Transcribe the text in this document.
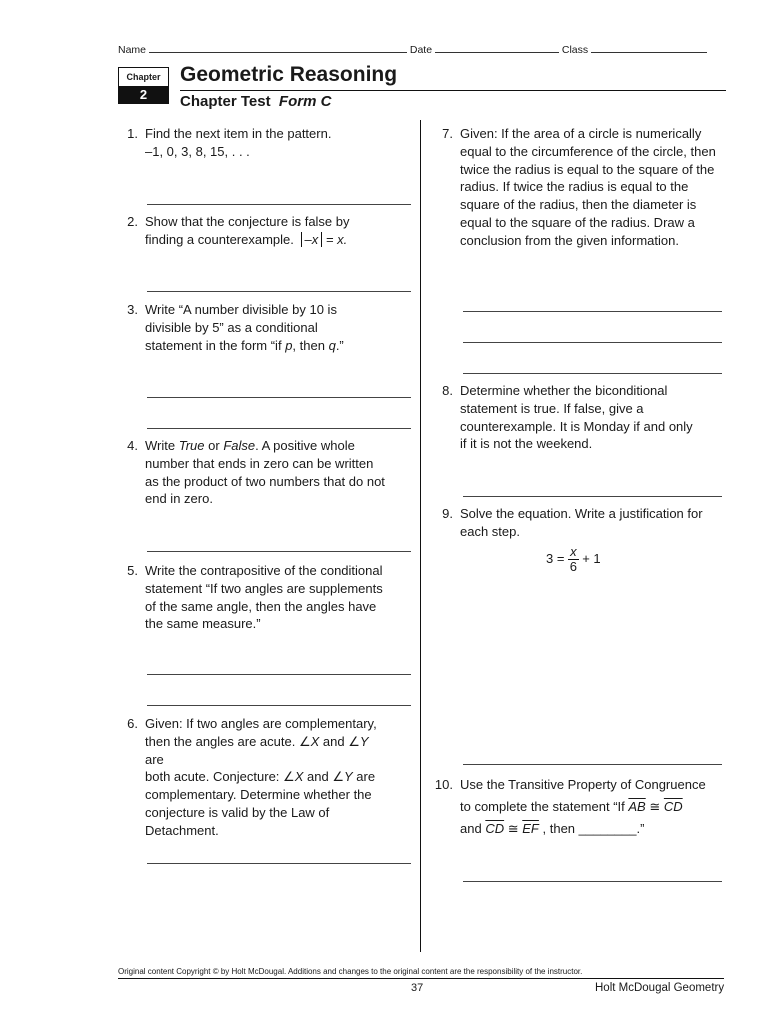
Name	Date	Class
Chapter
2
Geometric Reasoning
Chapter Test Form C
1. Find the next item in the pattern.
–1, 0, 3, 8, 15, . . .
2. Show that the conjecture is false by
finding a counterexample. –x = x.
3. Write “A number divisible by 10 is
divisible by 5” as a conditional
statement in the form “if p, then q.”
4. Write True or False. A positive whole number that ends in zero can be written as the product of two numbers that do not end in zero.
5. Write the contrapositive of the conditional statement “If two angles are supplements of the same angle, then the angles have the same measure.”
6. Given: If two angles are complementary,
then the angles are acute. ∠X and ∠Y are
both acute. Conjecture: ∠X and ∠Y are
complementary. Determine whether the
conjecture is valid by the Law of
Detachment.
7. Given: If the area of a circle is numerically equal to the circumference of the circle, then twice the radius is equal to the square of the radius. If twice the radius is equal to the square of the radius, then the diameter is equal to the square of the radius. Draw a conclusion from the given information.
8. Determine whether the biconditional statement is true. If false, give a counterexample. It is Monday if and only if it is not the weekend.
9. Solve the equation. Write a justification for each step.
$3 = \frac{x}{6} + 1$
10. Use the Transitive Property of Congruence
to complete the statement “If $\overline{AB}$ ≅ $\overline{CD}$
and $\overline{CD}$ ≅ $\overline{EF}$ , then ________.”
Original content Copyright © by Holt McDougal. Additions and changes to the original content are the responsibility of the instructor.
37	Holt McDougal Geometry
